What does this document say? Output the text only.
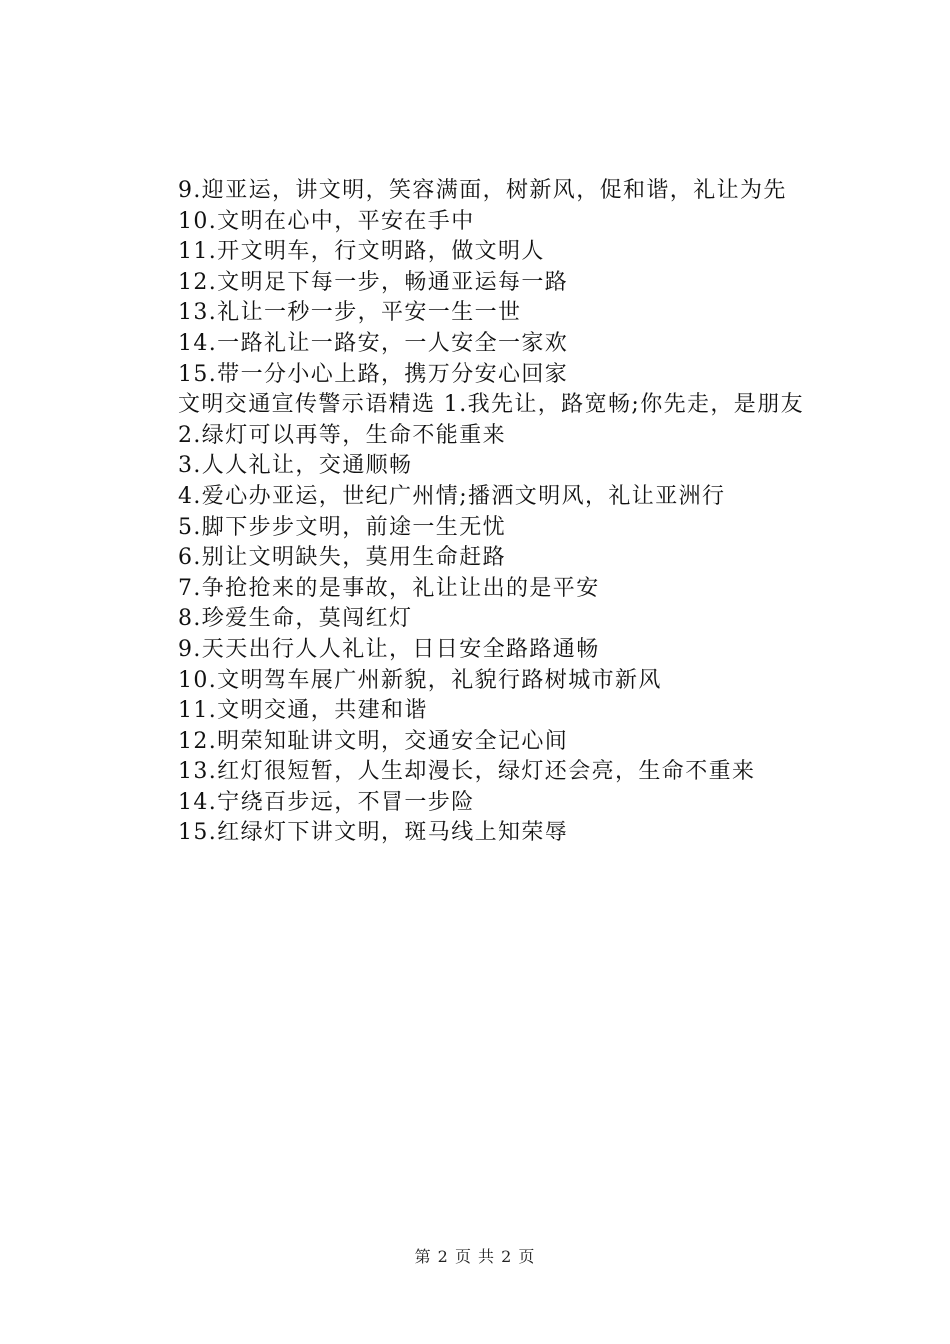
9.迎亚运，讲文明，笑容满面，树新风，促和谐，礼让为先
10.文明在心中，平安在手中
11.开文明车，行文明路，做文明人
12.文明足下每一步，畅通亚运每一路
13.礼让一秒一步，平安一生一世
14.一路礼让一路安，一人安全一家欢
15.带一分小心上路，携万分安心回家
文明交通宣传警示语精选 1.我先让，路宽畅;你先走，是朋友
2.绿灯可以再等，生命不能重来
3.人人礼让，交通顺畅
4.爱心办亚运，世纪广州情;播洒文明风，礼让亚洲行
5.脚下步步文明，前途一生无忧
6.别让文明缺失，莫用生命赶路
7.争抢抢来的是事故，礼让让出的是平安
8.珍爱生命，莫闯红灯
9.天天出行人人礼让，日日安全路路通畅
10.文明驾车展广州新貌，礼貌行路树城市新风
11.文明交通，共建和谐
12.明荣知耻讲文明，交通安全记心间
13.红灯很短暂，人生却漫长，绿灯还会亮，生命不重来
14.宁绕百步远，不冒一步险
15.红绿灯下讲文明，斑马线上知荣辱
第 2 页 共 2 页
